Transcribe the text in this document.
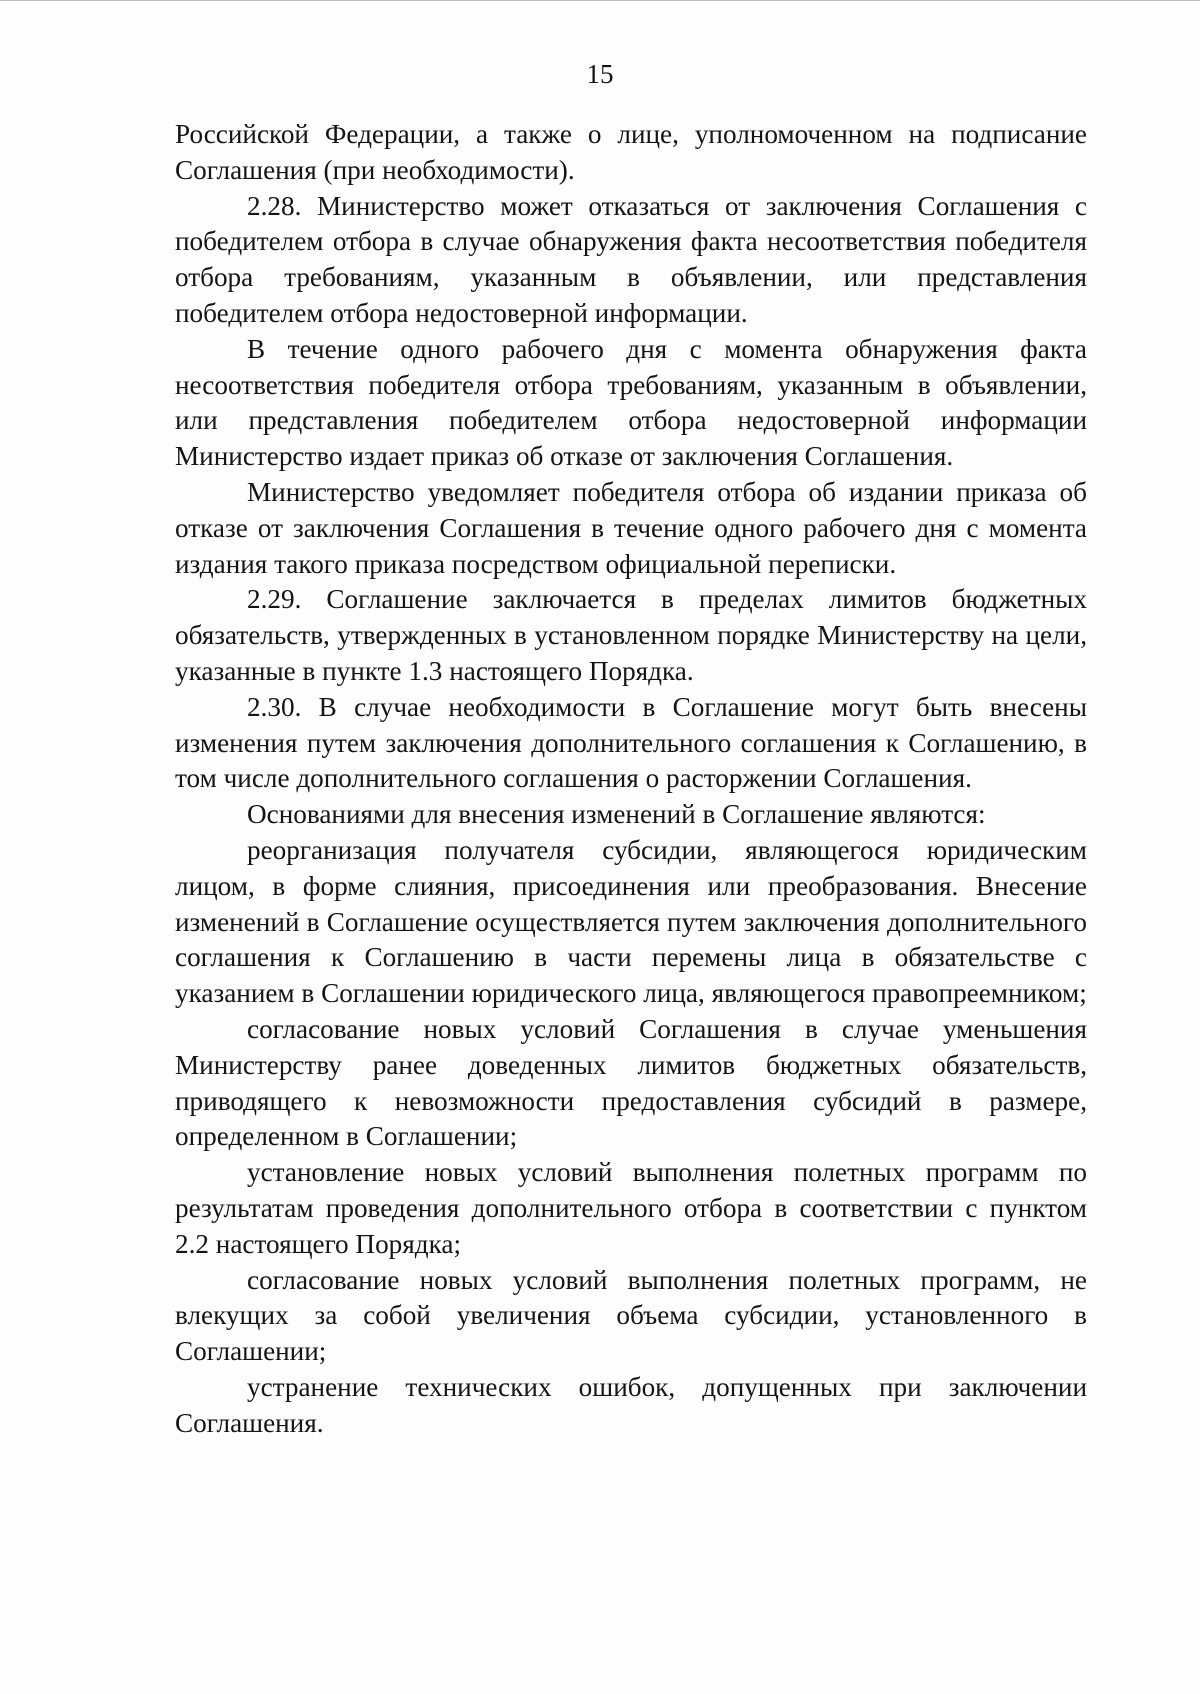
15

Российской Федерации, а также о лице, уполномоченном на подписание Соглашения (при необходимости).

2.28. Министерство может отказаться от заключения Соглашения с победителем отбора в случае обнаружения факта несоответствия победителя отбора требованиям, указанным в объявлении, или представления победителем отбора недостоверной информации.

В течение одного рабочего дня с момента обнаружения факта несоответствия победителя отбора требованиям, указанным в объявлении, или представления победителем отбора недостоверной информации Министерство издает приказ об отказе от заключения Соглашения.

Министерство уведомляет победителя отбора об издании приказа об отказе от заключения Соглашения в течение одного рабочего дня с момента издания такого приказа посредством официальной переписки.

2.29. Соглашение заключается в пределах лимитов бюджетных обязательств, утвержденных в установленном порядке Министерству на цели, указанные в пункте 1.3 настоящего Порядка.

2.30. В случае необходимости в Соглашение могут быть внесены изменения путем заключения дополнительного соглашения к Соглашению, в том числе дополнительного соглашения о расторжении Соглашения.

Основаниями для внесения изменений в Соглашение являются:

реорганизация получателя субсидии, являющегося юридическим лицом, в форме слияния, присоединения или преобразования. Внесение изменений в Соглашение осуществляется путем заключения дополнительного соглашения к Соглашению в части перемены лица в обязательстве с указанием в Соглашении юридического лица, являющегося правопреемником;

согласование новых условий Соглашения в случае уменьшения Министерству ранее доведенных лимитов бюджетных обязательств, приводящего к невозможности предоставления субсидий в размере, определенном в Соглашении;

установление новых условий выполнения полетных программ по результатам проведения дополнительного отбора в соответствии с пунктом 2.2 настоящего Порядка;

согласование новых условий выполнения полетных программ, не влекущих за собой увеличения объема субсидии, установленного в Соглашении;

устранение технических ошибок, допущенных при заключении Соглашения.
